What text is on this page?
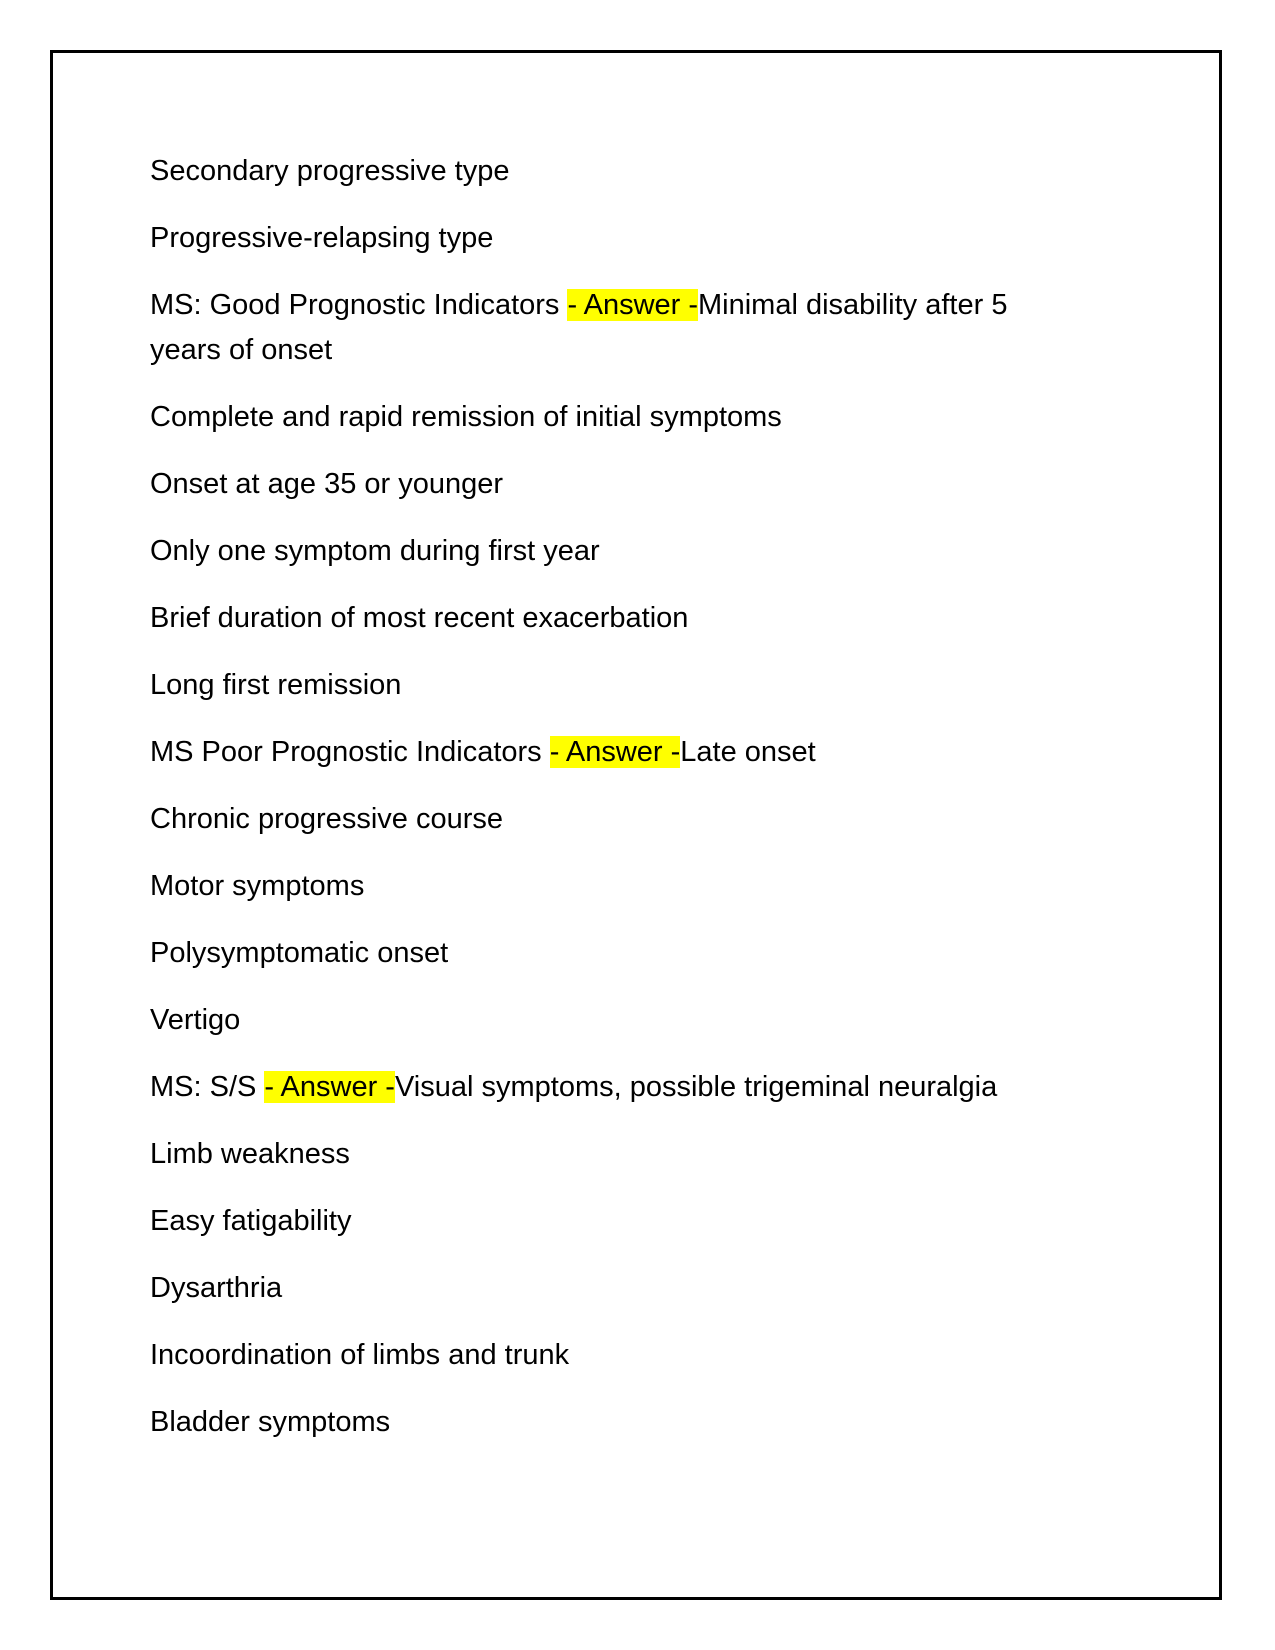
Secondary progressive type

Progressive-relapsing type

MS: Good Prognostic Indicators - Answer -Minimal disability after 5 years of onset

Complete and rapid remission of initial symptoms

Onset at age 35 or younger

Only one symptom during first year

Brief duration of most recent exacerbation

Long first remission

MS Poor Prognostic Indicators - Answer -Late onset

Chronic progressive course

Motor symptoms

Polysymptomatic onset

Vertigo

MS: S/S - Answer -Visual symptoms, possible trigeminal neuralgia

Limb weakness

Easy fatigability

Dysarthria

Incoordination of limbs and trunk

Bladder symptoms
